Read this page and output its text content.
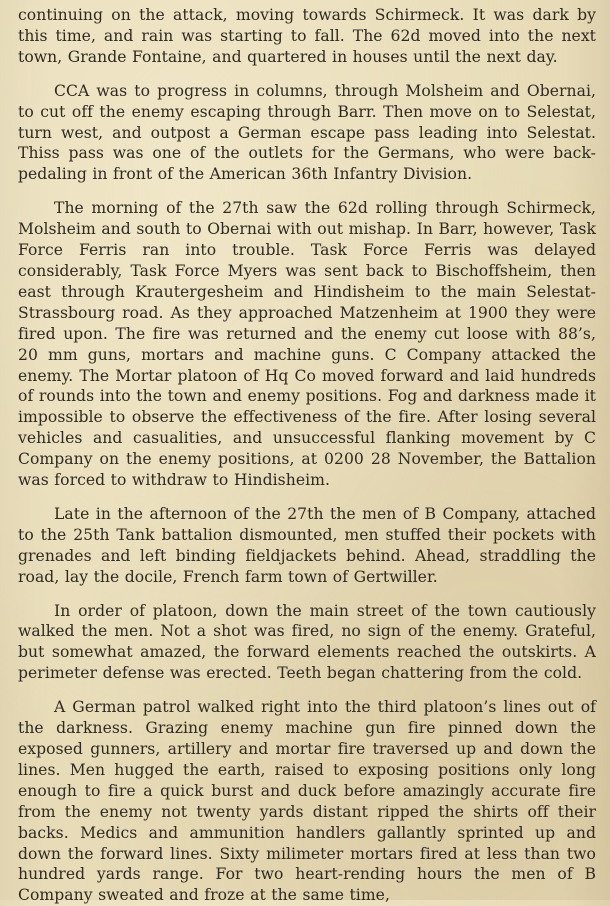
continuing on the attack, moving towards Schirmeck. It was dark by this time, and rain was starting to fall. The 62d moved into the next town, Grande Fontaine, and quartered in houses until the next day.

CCA was to progress in columns, through Molsheim and Obernai, to cut off the enemy escaping through Barr. Then move on to Selestat, turn west, and outpost a German escape pass leading into Selestat. Thiss pass was one of the outlets for the Germans, who were back-pedaling in front of the American 36th Infantry Division.

The morning of the 27th saw the 62d rolling through Schirmeck, Molsheim and south to Obernai with out mishap. In Barr, however, Task Force Ferris ran into trouble. Task Force Ferris was delayed considerably, Task Force Myers was sent back to Bischoffsheim, then east through Krautergesheim and Hindisheim to the main Selestat-Strassbourg road. As they approached Matzenheim at 1900 they were fired upon. The fire was returned and the enemy cut loose with 88’s, 20 mm guns, mortars and machine guns. C Company attacked the enemy. The Mortar platoon of Hq Co moved forward and laid hundreds of rounds into the town and enemy positions. Fog and darkness made it impossible to observe the effectiveness of the fire. After losing several vehicles and casualities, and unsuccessful flanking movement by C Company on the enemy positions, at 0200 28 November, the Battalion was forced to withdraw to Hindisheim.

Late in the afternoon of the 27th the men of B Company, attached to the 25th Tank battalion dismounted, men stuffed their pockets with grenades and left binding fieldjackets behind. Ahead, straddling the road, lay the docile, French farm town of Gertwiller.

In order of platoon, down the main street of the town cautiously walked the men. Not a shot was fired, no sign of the enemy. Grateful, but somewhat amazed, the forward elements reached the outskirts. A perimeter defense was erected. Teeth began chattering from the cold.

A German patrol walked right into the third platoon’s lines out of the darkness. Grazing enemy machine gun fire pinned down the exposed gunners, artillery and mortar fire traversed up and down the lines. Men hugged the earth, raised to exposing positions only long enough to fire a quick burst and duck before amazingly accurate fire from the enemy not twenty yards distant ripped the shirts off their backs. Medics and ammunition handlers gallantly sprinted up and down the forward lines. Sixty milimeter mortars fired at less than two hundred yards range. For two heart-rending hours the men of B Company sweated and froze at the same time,
